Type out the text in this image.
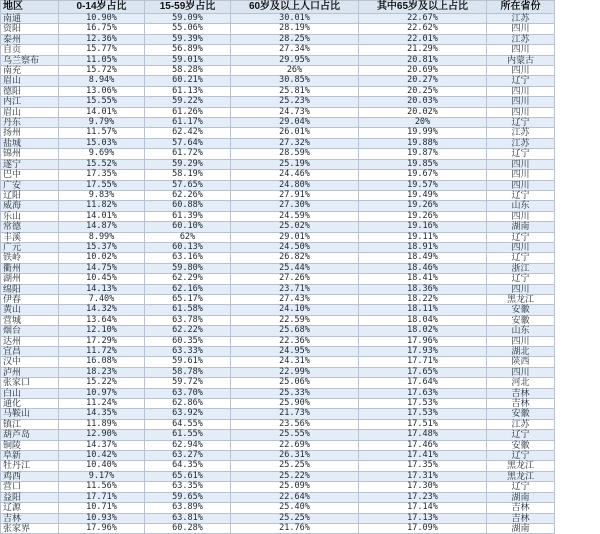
地区	0-14岁占比	15-59岁占比	60岁及以上人口占比	其中65岁及以上占比	所在省份
南通	10.90%	59.09%	30.01%	22.67%	江苏
资阳	16.75%	55.06%	28.19%	22.62%	四川
泰州	12.36%	59.39%	28.25%	22.01%	江苏
自贡	15.77%	56.89%	27.34%	21.29%	四川
乌兰察布	11.05%	59.01%	29.95%	20.81%	内蒙古
南充	15.72%	58.28%	26%	20.69%	四川
眉山	8.94%	60.21%	30.85%	20.27%	辽宁
德阳	13.06%	61.13%	25.81%	20.25%	四川
内江	15.55%	59.22%	25.23%	20.03%	四川
眉山	14.01%	61.26%	24.73%	20.02%	四川
丹东	9.79%	61.17%	29.04%	20%	辽宁
扬州	11.57%	62.42%	26.01%	19.99%	江苏
盐城	15.03%	57.64%	27.32%	19.88%	江苏
锦州	9.69%	61.72%	28.59%	19.87%	辽宁
遂宁	15.52%	59.29%	25.19%	19.85%	四川
巴中	17.35%	58.19%	24.46%	19.67%	四川
广安	17.55%	57.65%	24.80%	19.57%	四川
辽阳	9.83%	62.26%	27.91%	19.49%	辽宁
威海	11.82%	60.88%	27.30%	19.26%	山东
乐山	14.01%	61.39%	24.59%	19.26%	四川
常德	14.87%	60.10%	25.02%	19.16%	湖南
丰溪	8.99%	62%	29.01%	19.11%	辽宁
广元	15.37%	60.13%	24.50%	18.91%	四川
铁岭	10.02%	63.16%	26.82%	18.49%	辽宁
衢州	14.75%	59.80%	25.44%	18.46%	浙江
湖州	10.45%	62.29%	27.26%	18.41%	辽宁
绵阳	14.13%	62.16%	23.71%	18.36%	四川
伊春	7.40%	65.17%	27.43%	18.22%	黑龙江
黄山	14.32%	61.58%	24.10%	18.11%	安徽
营城	13.64%	63.78%	22.59%	18.04%	安徽
烟台	12.10%	62.22%	25.68%	18.02%	山东
达州	17.29%	60.35%	22.36%	17.96%	四川
宜昌	11.72%	63.33%	24.95%	17.93%	湖北
汉中	16.08%	59.61%	24.31%	17.71%	陕西
泸州	18.23%	58.78%	22.99%	17.65%	四川
张家口	15.22%	59.72%	25.06%	17.64%	河北
白山	10.97%	63.70%	25.33%	17.63%	吉林
通化	11.24%	62.86%	25.90%	17.53%	吉林
马鞍山	14.35%	63.92%	21.73%	17.53%	安徽
镇江	11.89%	64.55%	23.56%	17.51%	江苏
葫芦岛	12.90%	61.55%	25.55%	17.48%	辽宁
铜陵	14.37%	62.94%	22.69%	17.46%	安徽
阜新	10.42%	63.27%	26.31%	17.41%	辽宁
牡丹江	10.40%	64.35%	25.25%	17.35%	黑龙江
鸡西	9.17%	65.61%	25.22%	17.31%	黑龙江
营口	11.56%	63.35%	25.09%	17.30%	辽宁
益阳	17.71%	59.65%	22.64%	17.23%	湖南
辽源	10.71%	63.89%	25.40%	17.14%	吉林
吉林	10.93%	63.81%	25.25%	17.13%	吉林
张家界	17.96%	60.28%	21.76%	17.09%	湖南
